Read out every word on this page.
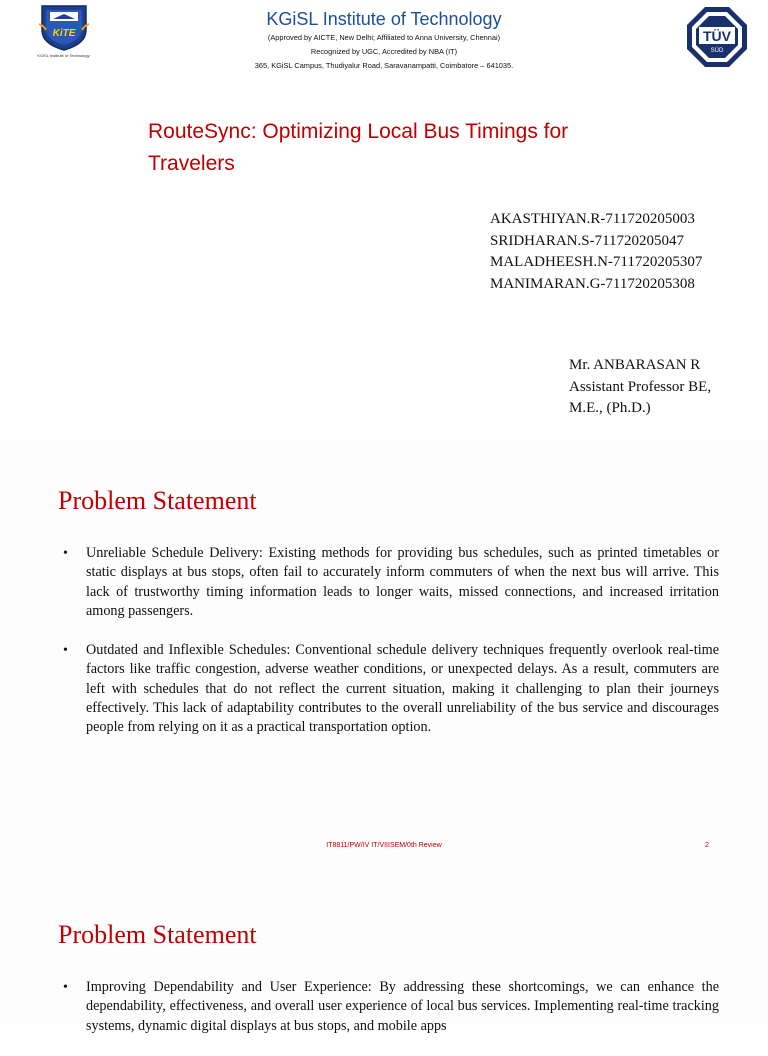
KiTE
KGiSL Institute of Technology
KGiSL Institute of Technology
(Approved by AICTE, New Delhi; Affiliated to Anna University, Chennai)
Recognized by UGC, Accredited by NBA (IT)
365, KGiSL Campus, Thudiyalur Road, Saravanampatti, Coimbatore – 641035.
TÜV
SÜD
RouteSync: Optimizing Local Bus Timings for
Travelers
AKASTHIYAN.R-711720205003
SRIDHARAN.S-711720205047
MALADHEESH.N-711720205307
MANIMARAN.G-711720205308
Mr. ANBARASAN R
Assistant Professor BE,
M.E., (Ph.D.)
Problem Statement
• Unreliable Schedule Delivery: Existing methods for providing bus schedules, such as printed timetables or static displays at bus stops, often fail to accurately inform commuters of when the next bus will arrive. This lack of trustworthy timing information leads to longer waits, missed connections, and increased irritation among passengers.
• Outdated and Inflexible Schedules: Conventional schedule delivery techniques frequently overlook real-time factors like traffic congestion, adverse weather conditions, or unexpected delays. As a result, commuters are left with schedules that do not reflect the current situation, making it challenging to plan their journeys effectively. This lack of adaptability contributes to the overall unreliability of the bus service and discourages people from relying on it as a practical transportation option.
IT8811/PW/IV IT/VIIISEM/0th Review	2
Problem Statement
• Improving Dependability and User Experience: By addressing these shortcomings, we can enhance the dependability, effectiveness, and overall user experience of local bus services. Implementing real-time tracking systems, dynamic digital displays at bus stops, and mobile apps
